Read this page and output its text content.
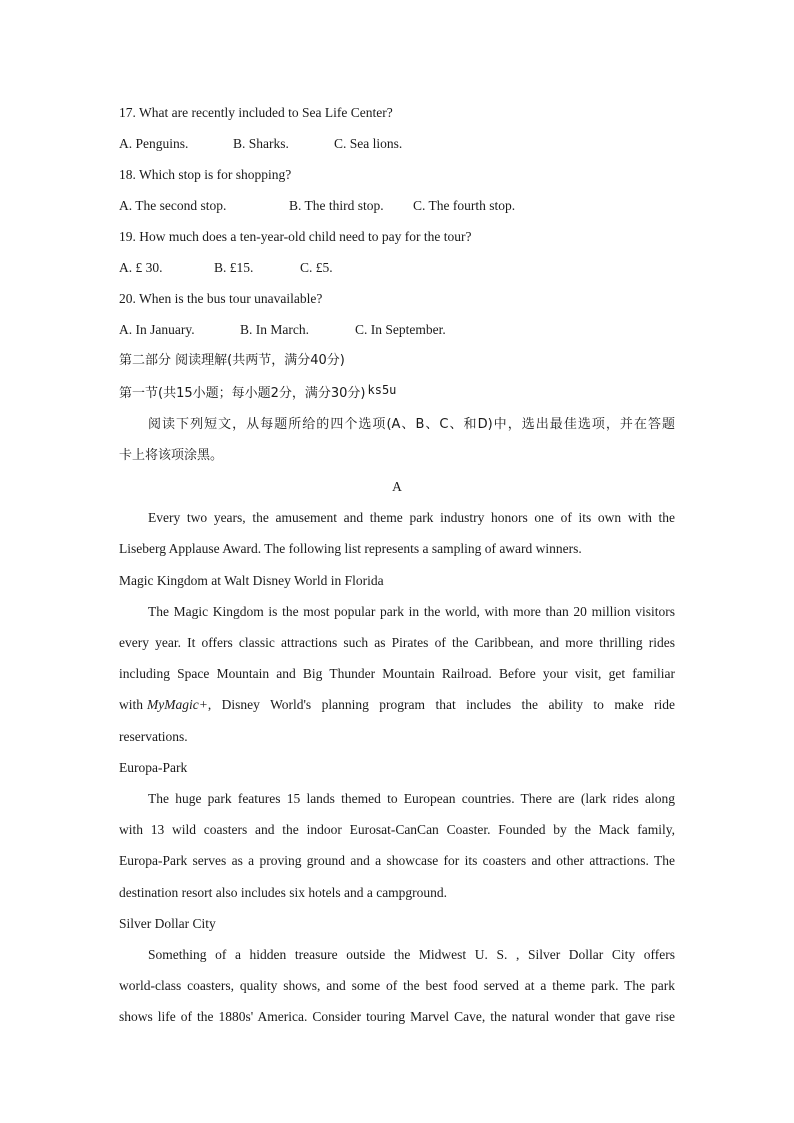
17. What are recently included to Sea Life Center?
A. Penguins.	B. Sharks.	C. Sea lions.
18. Which stop is for shopping?
A. The second stop.	B. The third stop. C. The fourth stop.
19. How much does a ten-year-old child need to pay for the tour?
A. £ 30.	B. £15.	C. £5.
20. When is the bus tour unavailable?
A. In January.	B. In March.	C. In September.
第二部分 阅读理解(共两节，满分40分)
第一节(共15小题；每小题2分，满分30分) ks5u
阅读下列短文，从每题所给的四个选项(A、B、C、和D)中，选出最佳选项，并在答题
卡上将该项涂黑。
A
Every two years, the amusement and theme park industry honors one of its own with the
Liseberg Applause Award. The following list represents a sampling of award winners.
Magic Kingdom at Walt Disney World in Florida
The Magic Kingdom is the most popular park in the world, with more than 20 million visitors
every year. It offers classic attractions such as Pirates of the Caribbean, and more thrilling rides
including Space Mountain and Big Thunder Mountain Railroad. Before your visit, get familiar
with MyMagic+ , Disney World's planning program that includes the ability to make ride
reservations.
Europa-Park
The huge park features 15 lands themed to European countries. There are (lark rides along
with 13 wild coasters and the indoor Eurosat-CanCan Coaster. Founded by the Mack family,
Europa-Park serves as a proving ground and a showcase for its coasters and other attractions. The
destination resort also includes six hotels and a campground.
Silver Dollar City
Something of a hidden treasure outside the Midwest U. S. , Silver Dollar City offers
world-class coasters, quality shows, and some of the best food served at a theme park. The park
shows life of the 1880s' America. Consider touring Marvel Cave, the natural wonder that gave rise
